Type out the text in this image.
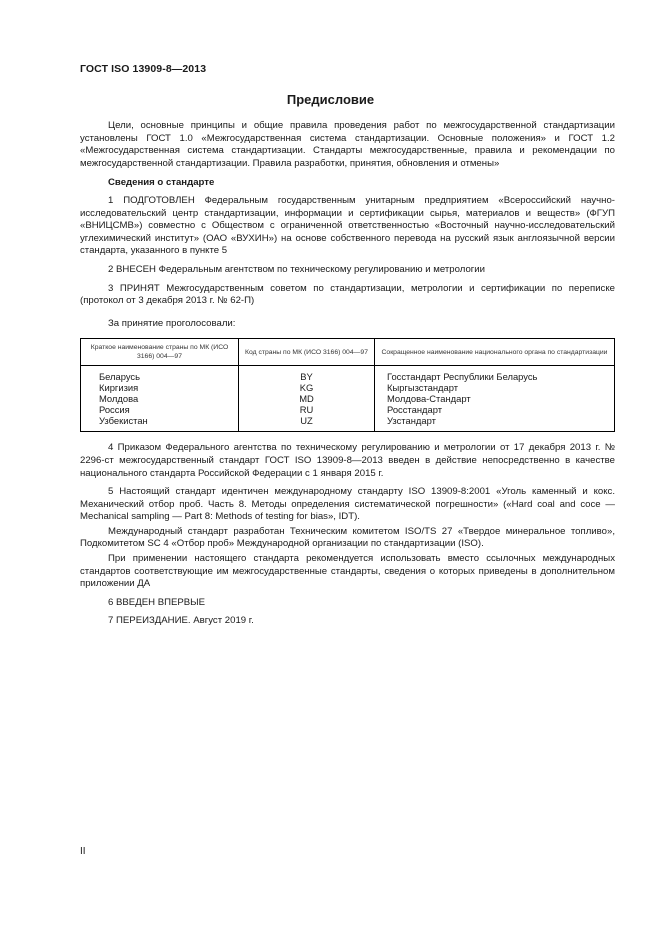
ГОСТ ISO 13909-8—2013
Предисловие

Цели, основные принципы и общие правила проведения работ по межгосударственной стандартизации установлены ГОСТ 1.0 «Межгосударственная система стандартизации. Основные положения» и ГОСТ 1.2 «Межгосударственная система стандартизации. Стандарты межгосударственные, правила и рекомендации по межгосударственной стандартизации. Правила разработки, принятия, обновления и отмены»

Сведения о стандарте

1 ПОДГОТОВЛЕН Федеральным государственным унитарным предприятием «Всероссийский научно-исследовательский центр стандартизации, информации и сертификации сырья, материалов и веществ» (ФГУП «ВНИЦСМВ») совместно с Обществом с ограниченной ответственностью «Восточный научно-исследовательский углехимический институт» (ОАО «ВУХИН») на основе собственного перевода на русский язык англоязычной версии стандарта, указанного в пункте 5

2 ВНЕСЕН Федеральным агентством по техническому регулированию и метрологии

3 ПРИНЯТ Межгосударственным советом по стандартизации, метрологии и сертификации по переписке (протокол от 3 декабря 2013 г. № 62-П)

За принятие проголосовали:

Краткое наименование страны по МК (ИСО 3166) 004—97	Код страны по МК (ИСО 3166) 004—97	Сокращенное наименование национального органа по стандартизации
Беларусь	BY	Госстандарт Республики Беларусь
Киргизия	KG	Кыргызстандарт
Молдова	MD	Молдова-Стандарт
Россия	RU	Росстандарт
Узбекистан	UZ	Узстандарт

4 Приказом Федерального агентства по техническому регулированию и метрологии от 17 декабря 2013 г. № 2296-ст межгосударственный стандарт ГОСТ ISO 13909-8—2013 введен в действие непосредственно в качестве национального стандарта Российской Федерации с 1 января 2015 г.

5 Настоящий стандарт идентичен международному стандарту ISO 13909-8:2001 «Уголь каменный и кокс. Механический отбор проб. Часть 8. Методы определения систематической погрешности» («Hard coal and coce — Mechanical sampling — Part 8: Methods of testing for bias», IDT).

Международный стандарт разработан Техническим комитетом ISO/TS 27 «Твердое минеральное топливо», Подкомитетом SC 4 «Отбор проб» Международной организации по стандартизации (ISO).

При применении настоящего стандарта рекомендуется использовать вместо ссылочных международных стандартов соответствующие им межгосударственные стандарты, сведения о которых приведены в дополнительном приложении ДА

6 ВВЕДЕН ВПЕРВЫЕ

7 ПЕРЕИЗДАНИЕ. Август 2019 г.

II
